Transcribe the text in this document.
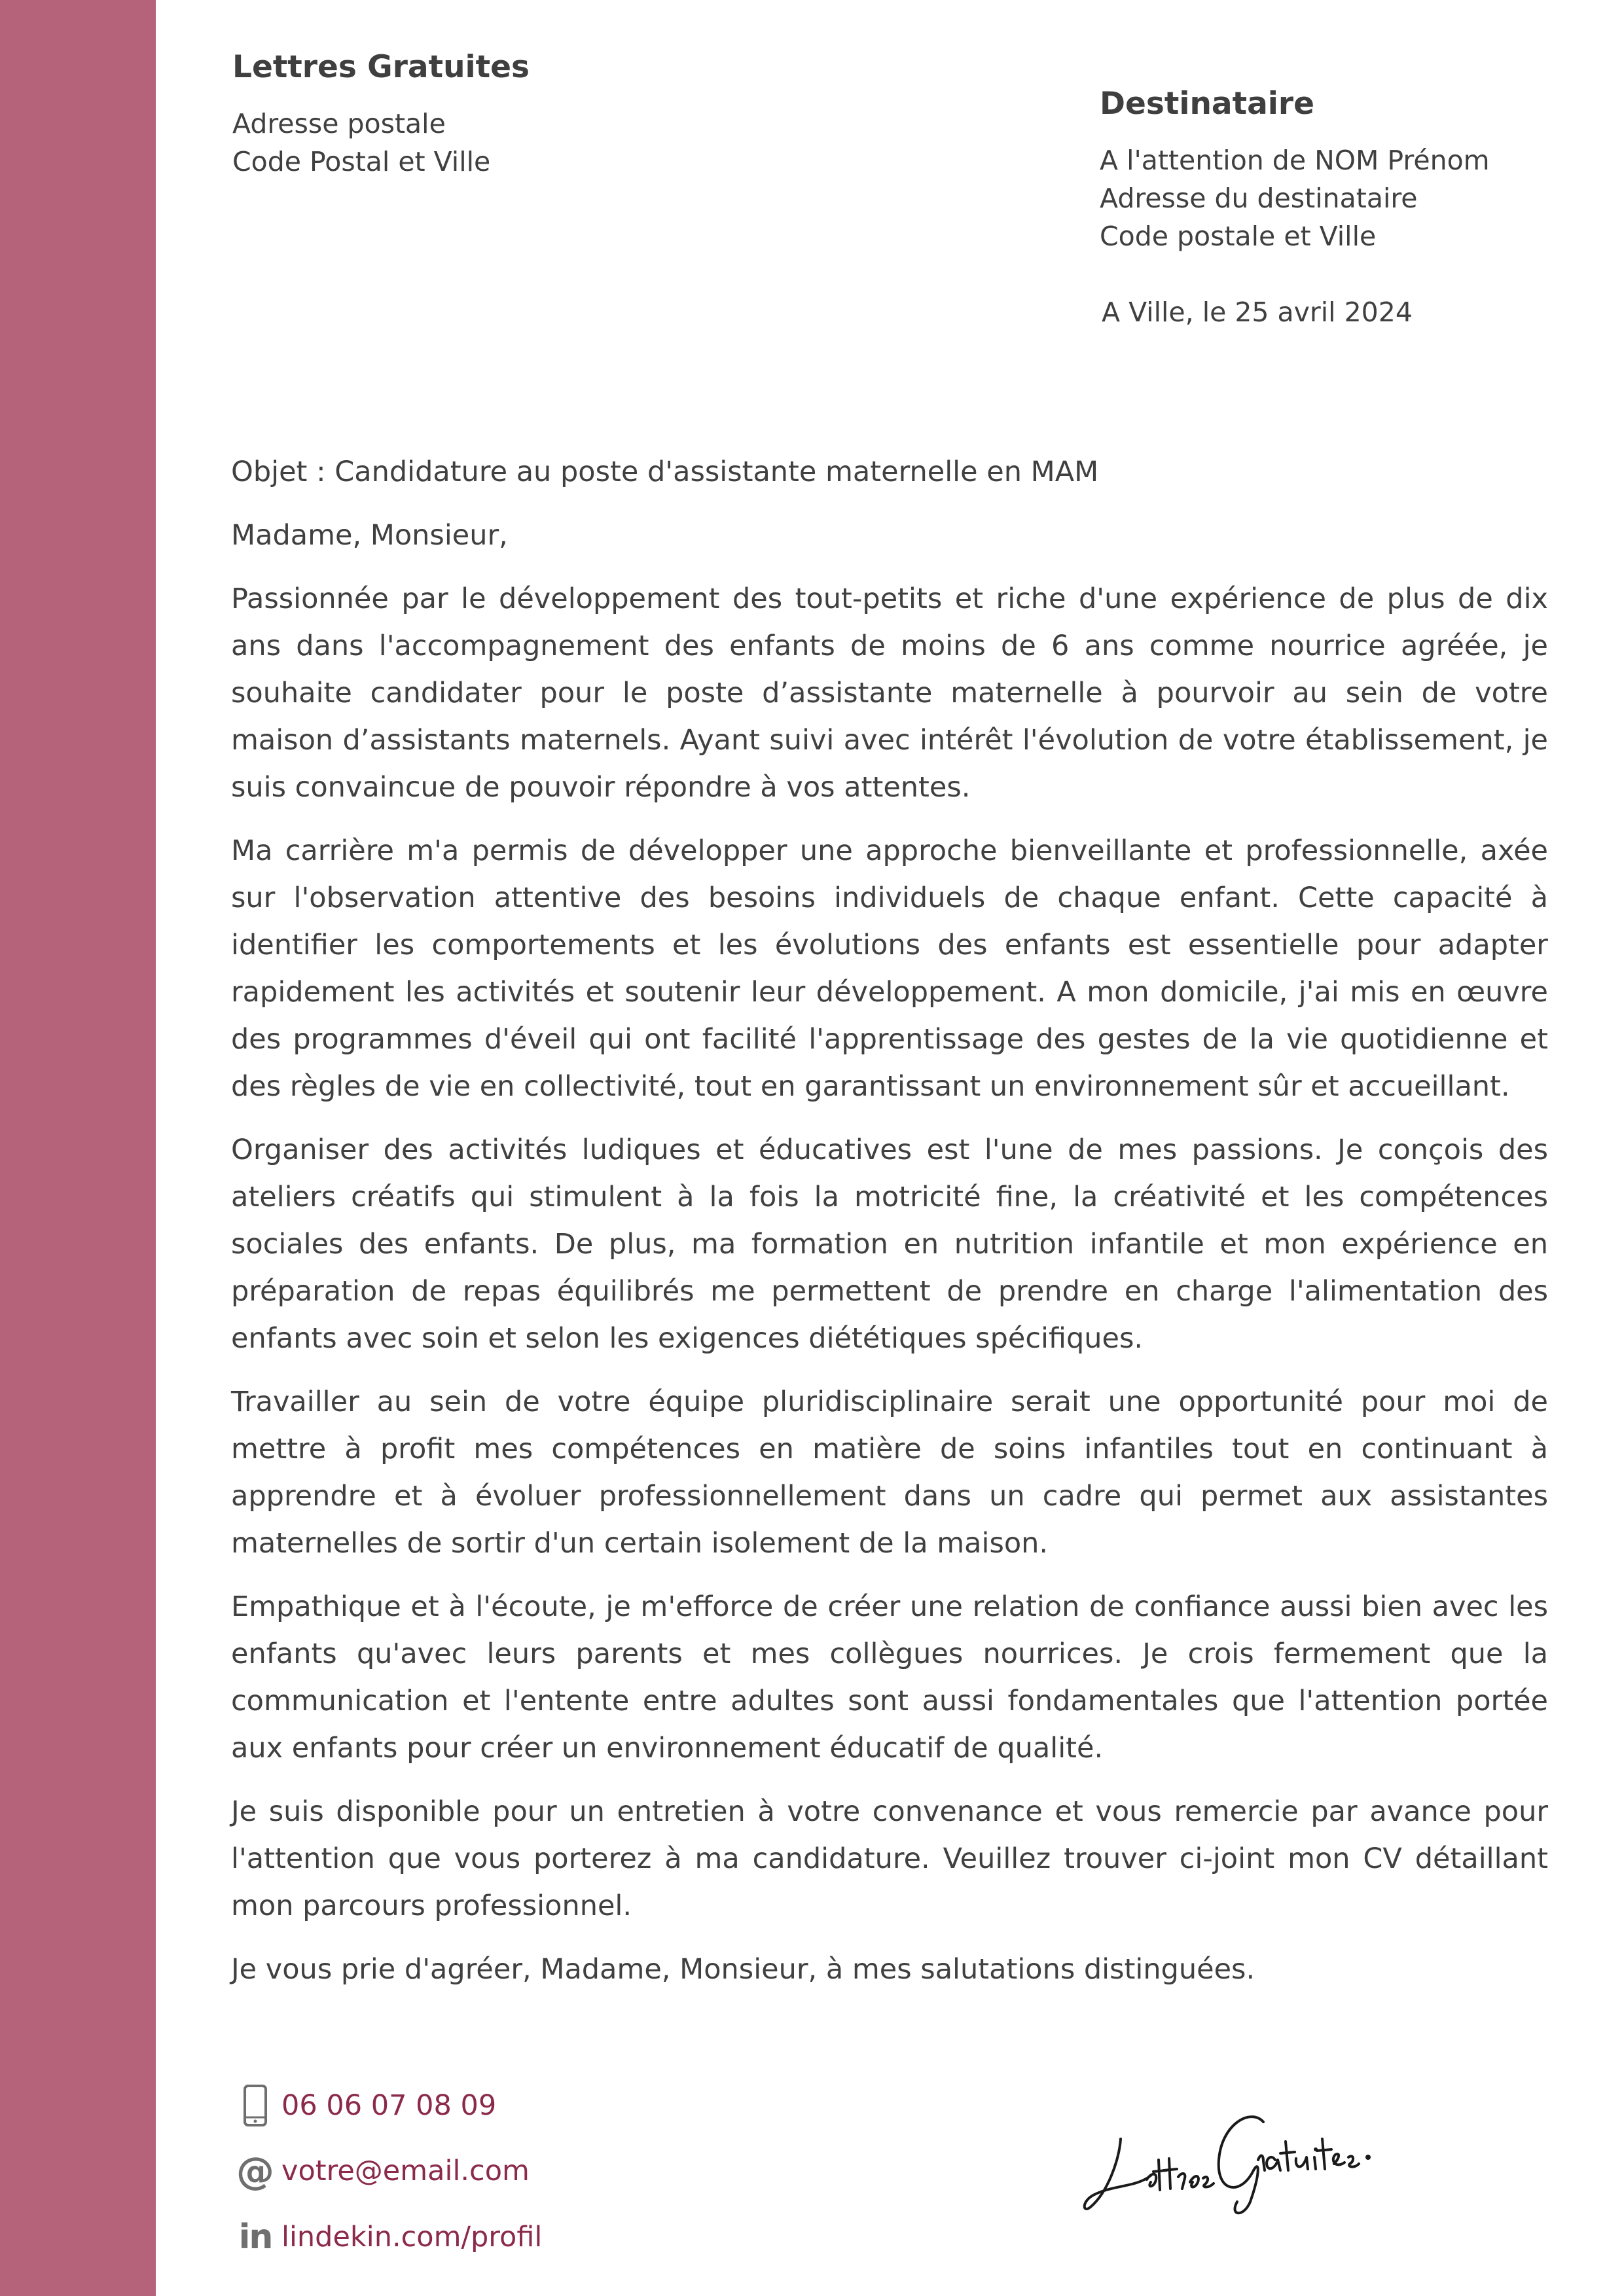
Lettres Gratuites
Adresse postale
Code Postal et Ville
Destinataire
A l'attention de NOM Prénom
Adresse du destinataire
Code postale et Ville
A Ville, le 25 avril 2024

Objet : Candidature au poste d'assistante maternelle en MAM

Madame, Monsieur,

Passionnée par le développement des tout-petits et riche d'une expérience de plus de dix ans dans l'accompagnement des enfants de moins de 6 ans comme nourrice agréée, je souhaite candidater pour le poste d’assistante maternelle à pourvoir au sein de votre maison d’assistants maternels. Ayant suivi avec intérêt l'évolution de votre établissement, je suis convaincue de pouvoir répondre à vos attentes.

Ma carrière m'a permis de développer une approche bienveillante et professionnelle, axée sur l'observation attentive des besoins individuels de chaque enfant. Cette capacité à identifier les comportements et les évolutions des enfants est essentielle pour adapter rapidement les activités et soutenir leur développement. A mon domicile, j'ai mis en œuvre des programmes d'éveil qui ont facilité l'apprentissage des gestes de la vie quotidienne et des règles de vie en collectivité, tout en garantissant un environnement sûr et accueillant.

Organiser des activités ludiques et éducatives est l'une de mes passions. Je conçois des ateliers créatifs qui stimulent à la fois la motricité fine, la créativité et les compétences sociales des enfants. De plus, ma formation en nutrition infantile et mon expérience en préparation de repas équilibrés me permettent de prendre en charge l'alimentation des enfants avec soin et selon les exigences diététiques spécifiques.

Travailler au sein de votre équipe pluridisciplinaire serait une opportunité pour moi de mettre à profit mes compétences en matière de soins infantiles tout en continuant à apprendre et à évoluer professionnellement dans un cadre qui permet aux assistantes maternelles de sortir d'un certain isolement de la maison.

Empathique et à l'écoute, je m'efforce de créer une relation de confiance aussi bien avec les enfants qu'avec leurs parents et mes collègues nourrices. Je crois fermement que la communication et l'entente entre adultes sont aussi fondamentales que l'attention portée aux enfants pour créer un environnement éducatif de qualité.

Je suis disponible pour un entretien à votre convenance et vous remercie par avance pour l'attention que vous porterez à ma candidature. Veuillez trouver ci-joint mon CV détaillant mon parcours professionnel.

Je vous prie d'agréer, Madame, Monsieur, à mes salutations distinguées.

06 06 07 08 09
@ votre@email.com
in lindekin.com/profil
